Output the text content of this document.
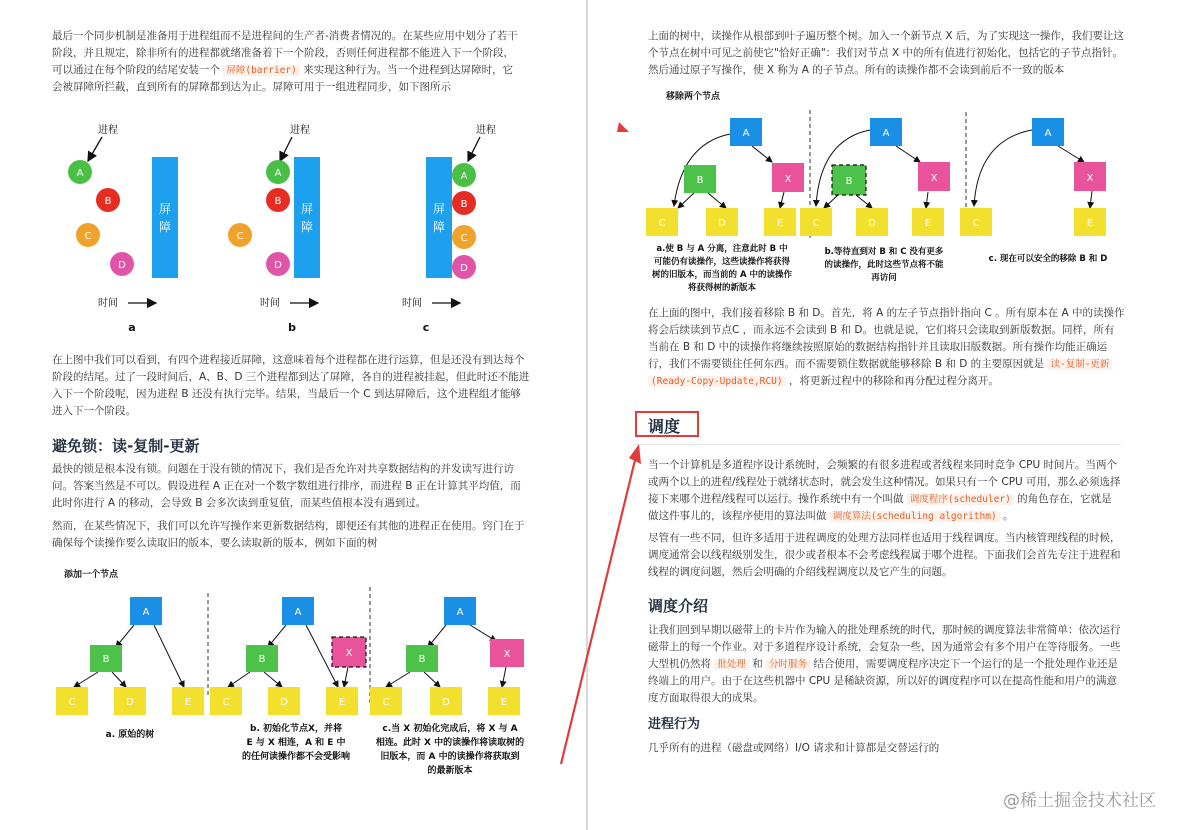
最后一个同步机制是准备用于进程组而不是进程间的生产者-消费者情况的。在某些应用中划分了若干
阶段，并且规定，除非所有的进程都就绪准备着下一个阶段，否则任何进程都不能进入下一个阶段，
可以通过在每个阶段的结尾安装一个 屏障(barrier) 来实现这种行为。当一个进程到达屏障时，它
会被屏障所拦截，直到所有的屏障都到达为止。屏障可用于一组进程同步，如下图所示

进程
A
B
C
D
屏
障
时间
a
进程
屏
障
A
B
C
D
时间
b
进程
屏
障
A
B
C
D
时间
c

在上图中我们可以看到，有四个进程接近屏障，这意味着每个进程都在进行运算，但是还没有到达每个
阶段的结尾。过了一段时间后，A、B、D 三个进程都到达了屏障，各自的进程被挂起，但此时还不能进
入下一个阶段呢，因为进程 B 还没有执行完毕。结果，当最后一个 C 到达屏障后，这个进程组才能够
进入下一个阶段。

避免锁：读-复制-更新

最快的锁是根本没有锁。问题在于没有锁的情况下，我们是否允许对共享数据结构的并发读写进行访
问。答案当然是不可以。假设进程 A 正在对一个数字数组进行排序，而进程 B 正在计算其平均值，而
此时你进行 A 的移动，会导致 B 会多次读到重复值，而某些值根本没有遇到过。

然而，在某些情况下，我们可以允许写操作来更新数据结构，即便还有其他的进程正在使用。窍门在于
确保每个读操作要么读取旧的版本，要么读取新的版本，例如下面的树

添加一个节点
A
B
C	D	E
a. 原始的树
A
B
X
C	D	E
b. 初始化节点X，并将
E 与 X 相连，A 和 E 中
的任何读操作都不会受影响
A
B	X
C	D	E
c.当 X 初始化完成后，将 X 与 A
相连。此时 X 中的读操作将读取树的
旧版本，而 A 中的读操作将获取到
的最新版本

上面的树中，读操作从根部到叶子遍历整个树。加入一个新节点 X 后，为了实现这一操作，我们要让这
个节点在树中可见之前使它"恰好正确"：我们对节点 X 中的所有值进行初始化，包括它的子节点指针。
然后通过原子写操作，使 X 称为 A 的子节点。所有的读操作都不会读到前后不一致的版本

移除两个节点
A
B	X
C	D	E
a.使 B 与 A 分离，注意此时 B 中
可能仍有读操作，这些读操作将获得
树的旧版本，而当前的 A 中的读操作
将获得树的新版本
A
B	X
C	D	E
b.等待直到对 B 和 C 没有更多
的读操作，此时这些节点将不能
再访问
A
X
C	E
c. 现在可以安全的移除 B 和 D

在上面的图中，我们接着移除 B 和 D。首先，将 A 的左子节点指针指向 C 。所有原本在 A 中的读操作
将会后续读到节点C ，而永远不会读到 B 和 D。也就是说，它们将只会读取到新版数据。同样，所有
当前在 B 和 D 中的读操作将继续按照原始的数据结构指针并且读取旧版数据。所有操作均能正确运
行，我们不需要锁住任何东西。而不需要锁住数据就能够移除 B 和 D 的主要原因就是 读-复制-更新
(Ready-Copy-Update,RCU) ，将更新过程中的移除和再分配过程分离开。

当一个计算机是多道程序设计系统时，会频繁的有很多进程或者线程来同时竞争 CPU 时间片。当两个
或两个以上的进程/线程处于就绪状态时，就会发生这种情况。如果只有一个 CPU 可用，那么必须选择
接下来哪个进程/线程可以运行。操作系统中有一个叫做 调度程序(scheduler) 的角色存在，它就是
做这件事儿的，该程序使用的算法叫做 调度算法(scheduling algorithm) 。

尽管有一些不同，但许多适用于进程调度的处理方法同样也适用于线程调度。当内核管理线程的时候，
调度通常会以线程级别发生，很少或者根本不会考虑线程属于哪个进程。下面我们会首先专注于进程和
线程的调度问题，然后会明确的介绍线程调度以及它产生的问题。

调度介绍

让我们回到早期以磁带上的卡片作为输入的批处理系统的时代，那时候的调度算法非常简单：依次运行
磁带上的每一个作业。对于多道程序设计系统，会复杂一些，因为通常会有多个用户在等待服务。一些
大型机仍然将 批处理 和 分时服务 结合使用，需要调度程序决定下一个运行的是一个批处理作业还是
终端上的用户。由于在这些机器中 CPU 是稀缺资源，所以好的调度程序可以在提高性能和用户的满意
度方面取得很大的成果。

进程行为

几乎所有的进程（磁盘或网络）I/O 请求和计算都是交替运行的

调度
@稀土掘金技术社区
